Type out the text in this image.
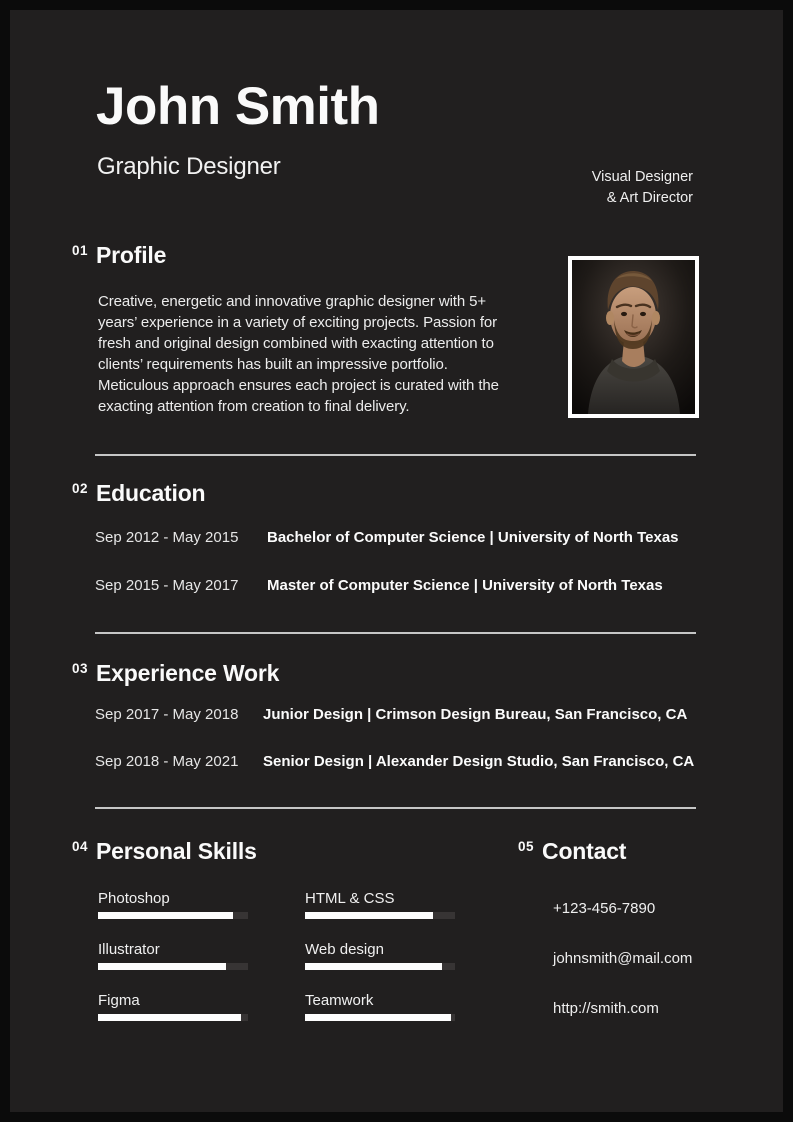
John Smith
Graphic Designer	Visual Designer
& Art Director
01 Profile
Creative, energetic and innovative graphic designer with 5+
years’ experience in a variety of exciting projects. Passion for
fresh and original design combined with exacting attention to
clients’ requirements has built an impressive portfolio.
Meticulous approach ensures each project is curated with the
exacting attention from creation to final delivery.
02 Education
Sep 2012 - May 2015	Bachelor of Computer Science | University of North Texas
Sep 2015 - May 2017	Master of Computer Science | University of North Texas
03 Experience Work
Sep 2017 - May 2018	Junior Design | Crimson Design Bureau, San Francisco, CA
Sep 2018 - May 2021	Senior Design | Alexander Design Studio, San Francisco, CA
04 Personal Skills
Photoshop
Illustrator
Figma
HTML & CSS
Web design
Teamwork
05 Contact
+123-456-7890
johnsmith@mail.com
http://smith.com
